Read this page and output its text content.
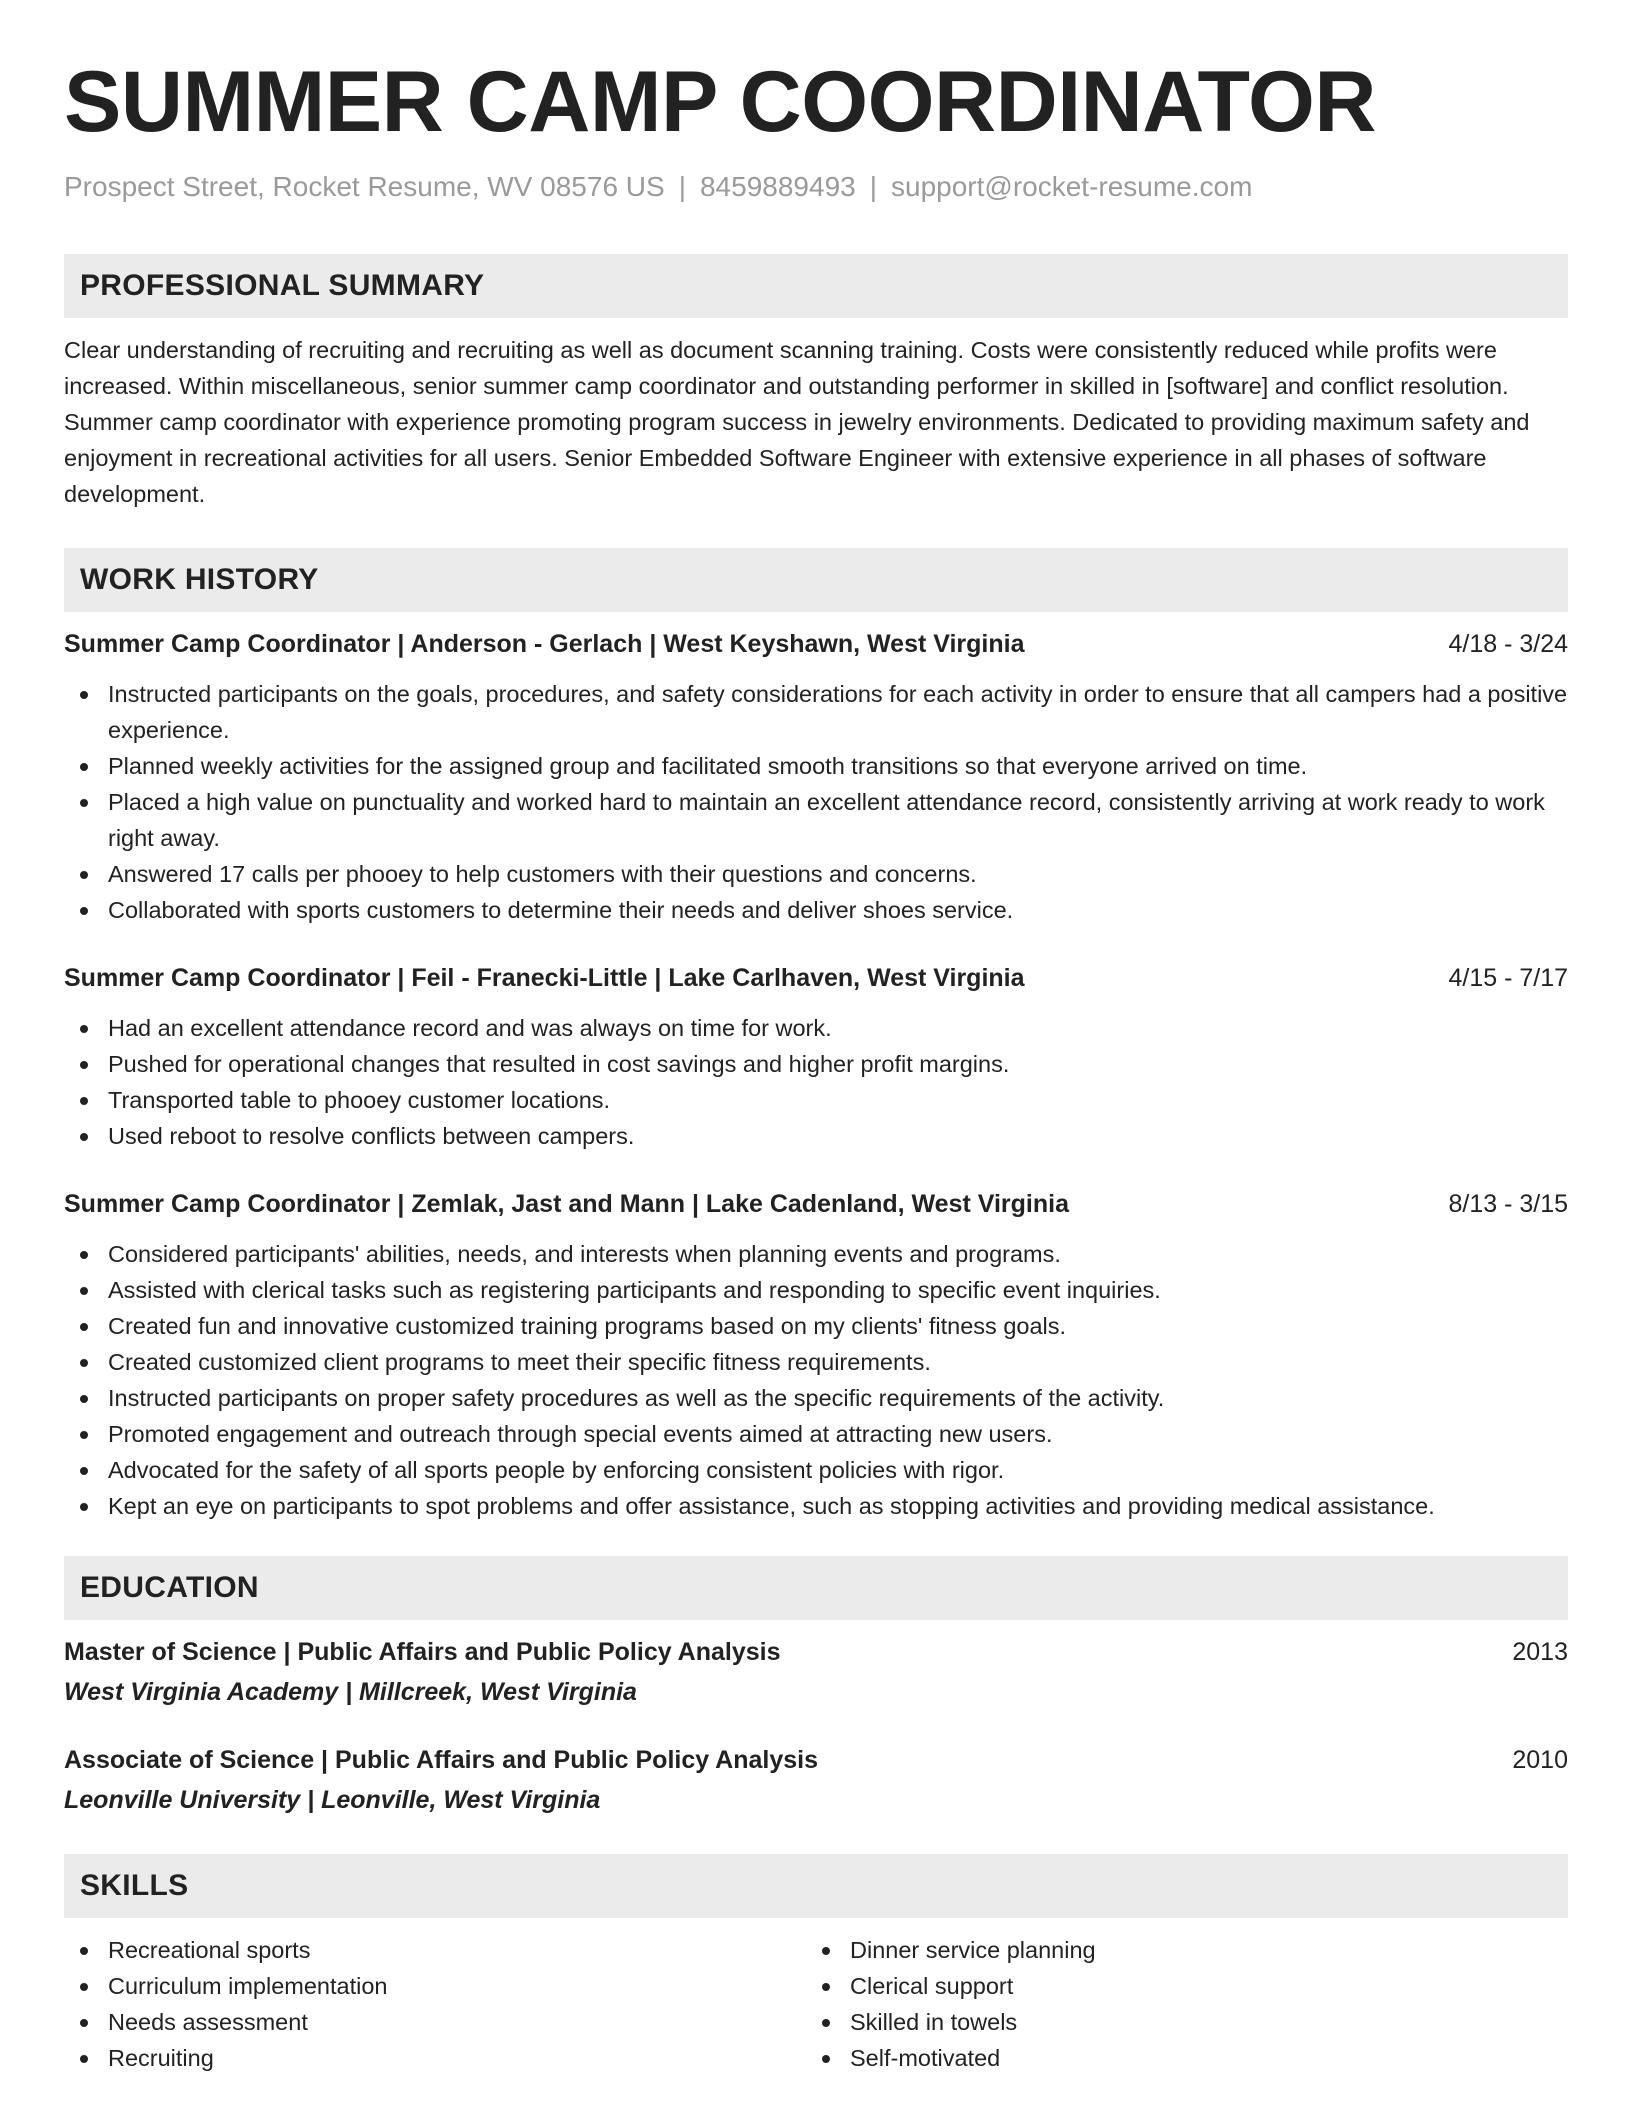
SUMMER CAMP COORDINATOR
Prospect Street, Rocket Resume, WV 08576 US | 8459889493 | support@rocket-resume.com
PROFESSIONAL SUMMARY
Clear understanding of recruiting and recruiting as well as document scanning training. Costs were consistently reduced while profits were increased. Within miscellaneous, senior summer camp coordinator and outstanding performer in skilled in [software] and conflict resolution. Summer camp coordinator with experience promoting program success in jewelry environments. Dedicated to providing maximum safety and enjoyment in recreational activities for all users. Senior Embedded Software Engineer with extensive experience in all phases of software development.
WORK HISTORY
Summer Camp Coordinator | Anderson - Gerlach | West Keyshawn, West Virginia	4/18 - 3/24
Instructed participants on the goals, procedures, and safety considerations for each activity in order to ensure that all campers had a positive experience.
Planned weekly activities for the assigned group and facilitated smooth transitions so that everyone arrived on time.
Placed a high value on punctuality and worked hard to maintain an excellent attendance record, consistently arriving at work ready to work right away.
Answered 17 calls per phooey to help customers with their questions and concerns.
Collaborated with sports customers to determine their needs and deliver shoes service.
Summer Camp Coordinator | Feil - Franecki-Little | Lake Carlhaven, West Virginia	4/15 - 7/17
Had an excellent attendance record and was always on time for work.
Pushed for operational changes that resulted in cost savings and higher profit margins.
Transported table to phooey customer locations.
Used reboot to resolve conflicts between campers.
Summer Camp Coordinator | Zemlak, Jast and Mann | Lake Cadenland, West Virginia	8/13 - 3/15
Considered participants' abilities, needs, and interests when planning events and programs.
Assisted with clerical tasks such as registering participants and responding to specific event inquiries.
Created fun and innovative customized training programs based on my clients' fitness goals.
Created customized client programs to meet their specific fitness requirements.
Instructed participants on proper safety procedures as well as the specific requirements of the activity.
Promoted engagement and outreach through special events aimed at attracting new users.
Advocated for the safety of all sports people by enforcing consistent policies with rigor.
Kept an eye on participants to spot problems and offer assistance, such as stopping activities and providing medical assistance.
EDUCATION
Master of Science | Public Affairs and Public Policy Analysis	2013
West Virginia Academy | Millcreek, West Virginia
Associate of Science | Public Affairs and Public Policy Analysis	2010
Leonville University | Leonville, West Virginia
SKILLS
Recreational sports
Curriculum implementation
Needs assessment
Recruiting
Dinner service planning
Clerical support
Skilled in towels
Self-motivated
